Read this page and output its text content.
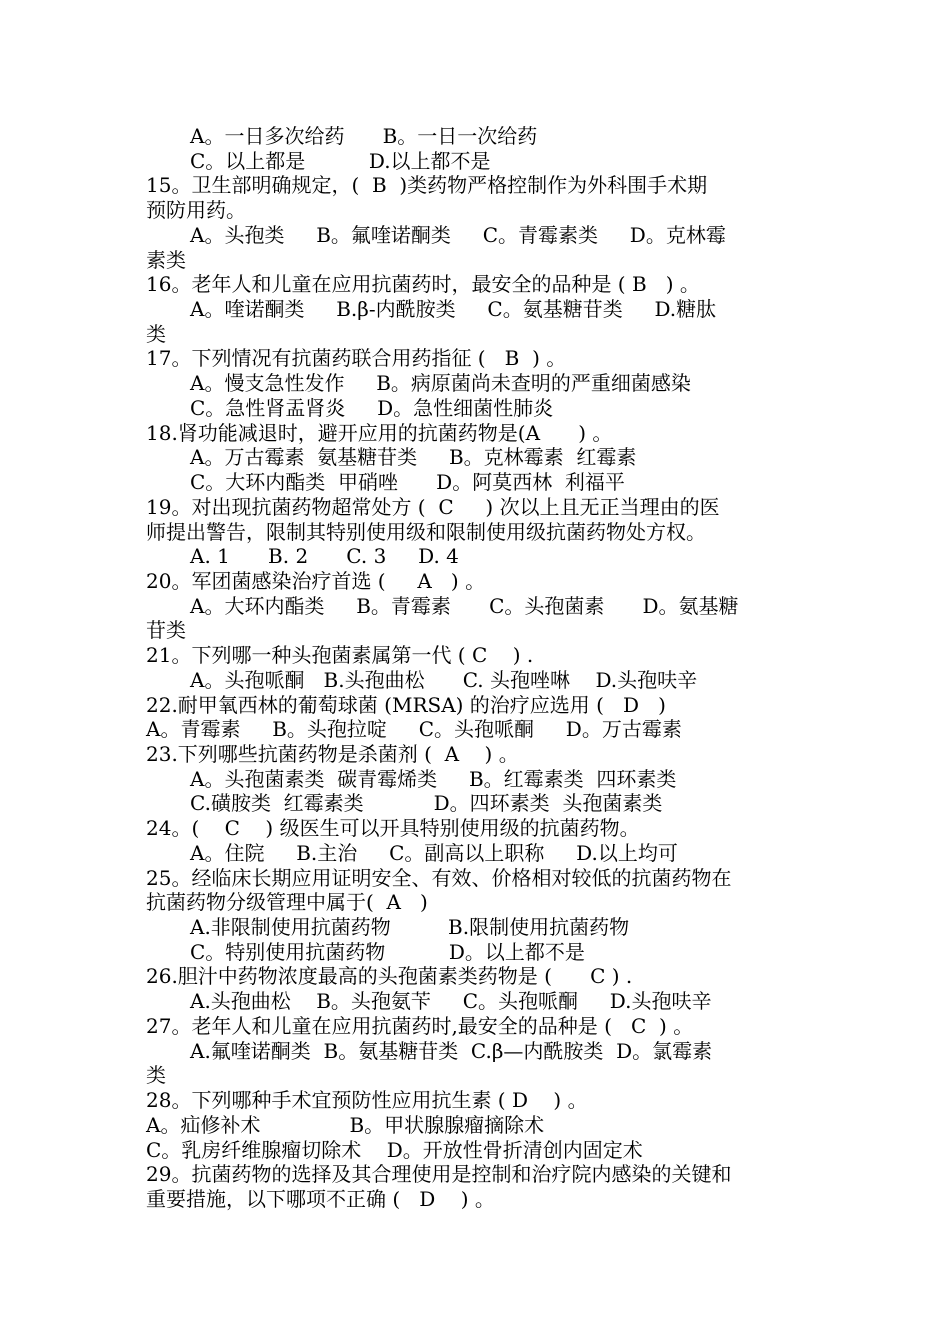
A。一日多次给药      B。一日一次给药
C。以上都是          D.以上都不是
15。卫生部明确规定，(  B  )类药物严格控制作为外科围手术期
预防用药。
A。头孢类     B。氟喹诺酮类     C。青霉素类     D。克林霉
素类
16。老年人和儿童在应用抗菌药时，最安全的品种是 ( B   ) 。
A。喹诺酮类     B.β-内酰胺类     C。氨基糖苷类     D.糖肽
类
17。下列情况有抗菌药联合用药指征 (   B  ) 。
A。慢支急性发作     B。病原菌尚未查明的严重细菌感染
C。急性肾盂肾炎     D。急性细菌性肺炎
18.肾功能减退时，避开应用的抗菌药物是(A      ) 。
A。万古霉素  氨基糖苷类     B。克林霉素  红霉素
C。大环内酯类  甲硝唑      D。阿莫西林  利福平
19。对出现抗菌药物超常处方 (  C     ) 次以上且无正当理由的医
师提出警告，限制其特别使用级和限制使用级抗菌药物处方权。
A. 1      B. 2      C. 3     D. 4
20。军团菌感染治疗首选 (     A   ) 。
A。大环内酯类     B。青霉素      C。头孢菌素      D。氨基糖
苷类
21。下列哪一种头孢菌素属第一代 ( C    ) .
A。头孢哌酮   B.头孢曲松      C. 头孢唑啉    D.头孢呋辛
22.耐甲氧西林的葡萄球菌 (MRSA) 的治疗应选用 (   D   )
A。青霉素     B。头孢拉啶     C。头孢哌酮     D。万古霉素
23.下列哪些抗菌药物是杀菌剂 (  A    ) 。
A。头孢菌素类  碳青霉烯类     B。红霉素类  四环素类
C.磺胺类  红霉素类           D。四环素类  头孢菌素类
24。(    C    ) 级医生可以开具特别使用级的抗菌药物。
A。住院     B.主治     C。副高以上职称     D.以上均可
25。经临床长期应用证明安全、有效、价格相对较低的抗菌药物在
抗菌药物分级管理中属于(  A   )
A.非限制使用抗菌药物         B.限制使用抗菌药物
C。特别使用抗菌药物          D。以上都不是
26.胆汁中药物浓度最高的头孢菌素类药物是 (      C ) .
A.头孢曲松    B。头孢氨苄     C。头孢哌酮     D.头孢呋辛
27。老年人和儿童在应用抗菌药时,最安全的品种是 (   C  ) 。
A.氟喹诺酮类  B。氨基糖苷类  C.β—内酰胺类  D。氯霉素
类
28。下列哪种手术宜预防性应用抗生素 ( D    ) 。
A。疝修补术              B。甲状腺腺瘤摘除术
C。乳房纤维腺瘤切除术    D。开放性骨折清创内固定术
29。抗菌药物的选择及其合理使用是控制和治疗院内感染的关键和
重要措施，以下哪项不正确 (   D    ) 。
